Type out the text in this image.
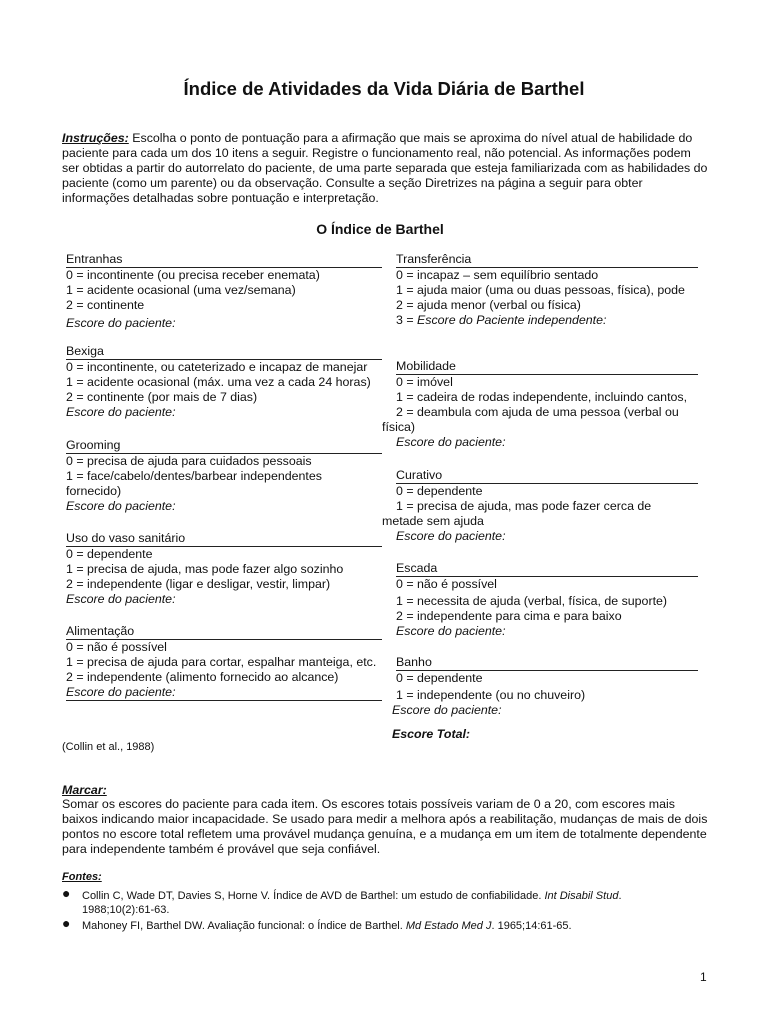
Índice de Atividades da Vida Diária de Barthel

Instruções: Escolha o ponto de pontuação para a afirmação que mais se aproxima do nível atual de habilidade do paciente para cada um dos 10 itens a seguir. Registre o funcionamento real, não potencial. As informações podem ser obtidas a partir do autorrelato do paciente, de uma parte separada que esteja familiarizada com as habilidades do paciente (como um parente) ou da observação. Consulte a seção Diretrizes na página a seguir para obter informações detalhadas sobre pontuação e interpretação.

O Índice de Barthel
Entranhas
0 = incontinente (ou precisa receber enemata)
1 = acidente ocasional (uma vez/semana)
2 = continente
Escore do paciente:
Bexiga
0 = incontinente, ou cateterizado e incapaz de manejar
1 = acidente ocasional (máx. uma vez a cada 24 horas)
2 = continente (por mais de 7 dias)
Escore do paciente:
Grooming
0 = precisa de ajuda para cuidados pessoais
1 = face/cabelo/dentes/barbear independentes fornecido)
Escore do paciente:
Uso do vaso sanitário
0 = dependente
1 = precisa de ajuda, mas pode fazer algo sozinho
2 = independente (ligar e desligar, vestir, limpar)
Escore do paciente:
Alimentação
0 = não é possível
1 = precisa de ajuda para cortar, espalhar manteiga, etc.
2 = independente (alimento fornecido ao alcance)
Escore do paciente:
Transferência
0 = incapaz – sem equilíbrio sentado
1 = ajuda maior (uma ou duas pessoas, física), pode
2 = ajuda menor (verbal ou física)
3 = Escore do Paciente independente:
Mobilidade
0 = imóvel
1 = cadeira de rodas independente, incluindo cantos,
2 = deambula com ajuda de uma pessoa (verbal ou física)
Escore do paciente:
Curativo
0 = dependente
1 = precisa de ajuda, mas pode fazer cerca de metade sem ajuda
Escore do paciente:
Escada
0 = não é possível
1 = necessita de ajuda (verbal, física, de suporte)
2 = independente para cima e para baixo
Escore do paciente:
Banho
0 = dependente
1 = independente (ou no chuveiro)
Escore do paciente:
Escore Total:
(Collin et al., 1988)
Marcar:

Somar os escores do paciente para cada item. Os escores totais possíveis variam de 0 a 20, com escores mais baixos indicando maior incapacidade. Se usado para medir a melhora após a reabilitação, mudanças de mais de dois pontos no escore total refletem uma provável mudança genuína, e a mudança em um item de totalmente dependente para independente também é provável que seja confiável.

Fontes:
● Collin C, Wade DT, Davies S, Horne V. Índice de AVD de Barthel: um estudo de confiabilidade. Int Disabil Stud. 1988;10(2):61-63.
● Mahoney FI, Barthel DW. Avaliação funcional: o Índice de Barthel. Md Estado Med J. 1965;14:61-65.
1
